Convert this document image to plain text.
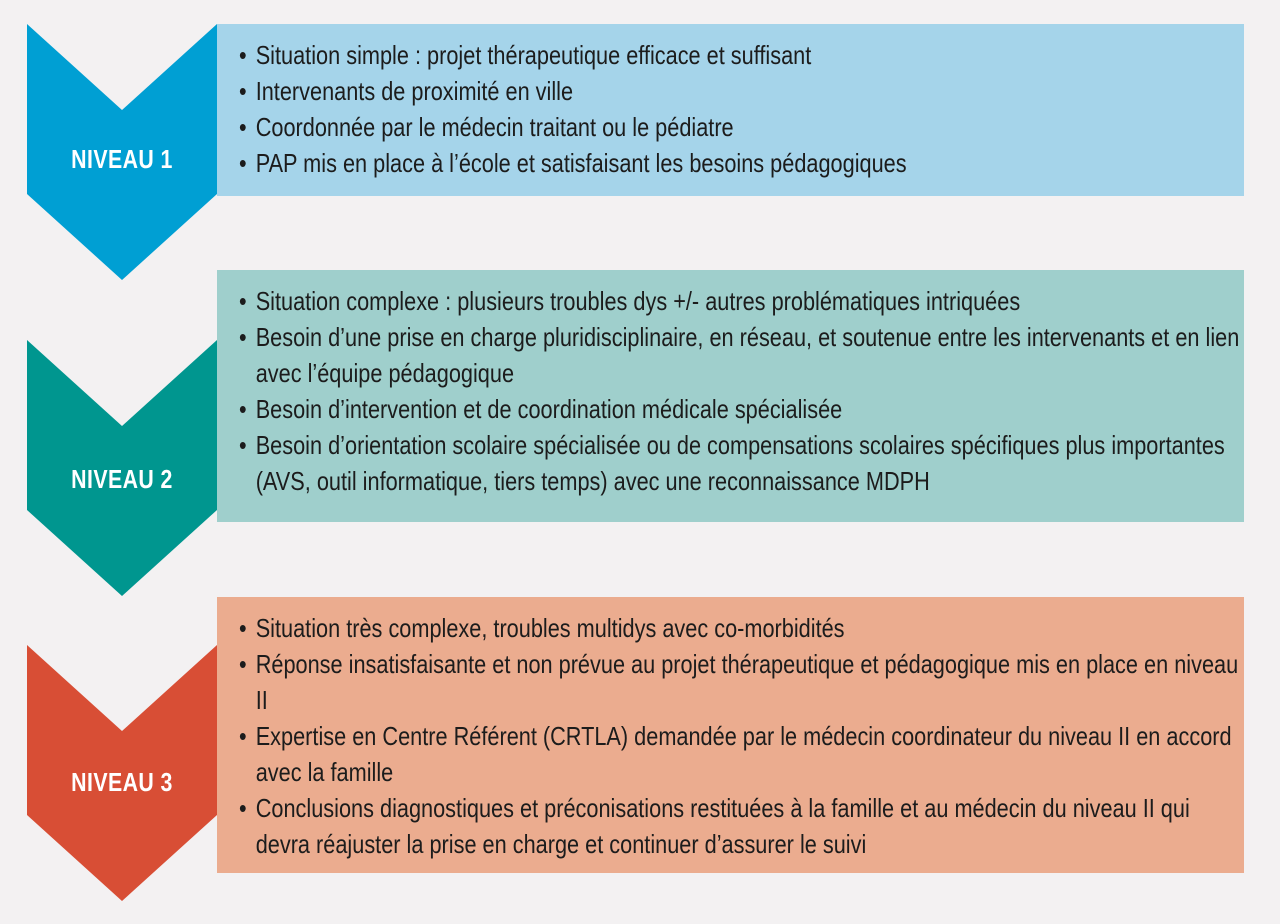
NIVEAU 1
• Situation simple : projet thérapeutique efficace et suffisant
• Intervenants de proximité en ville
• Coordonnée par le médecin traitant ou le pédiatre
• PAP mis en place à l’école et satisfaisant les besoins pédagogiques
NIVEAU 2
• Situation complexe : plusieurs troubles dys +/- autres problématiques intriquées
• Besoin d’une prise en charge pluridisciplinaire, en réseau, et soutenue entre les intervenants et en lien avec l’équipe pédagogique
• Besoin d’intervention et de coordination médicale spécialisée
• Besoin d’orientation scolaire spécialisée ou de compensations scolaires spécifiques plus importantes (AVS, outil informatique, tiers temps) avec une reconnaissance MDPH
NIVEAU 3
• Situation très complexe, troubles multidys avec co-morbidités
• Réponse insatisfaisante et non prévue au projet thérapeutique et pédagogique mis en place en niveau II
• Expertise en Centre Référent (CRTLA) demandée par le médecin coordinateur du niveau II en accord avec la famille
• Conclusions diagnostiques et préconisations restituées à la famille et au médecin du niveau II qui devra réajuster la prise en charge et continuer d’assurer le suivi
